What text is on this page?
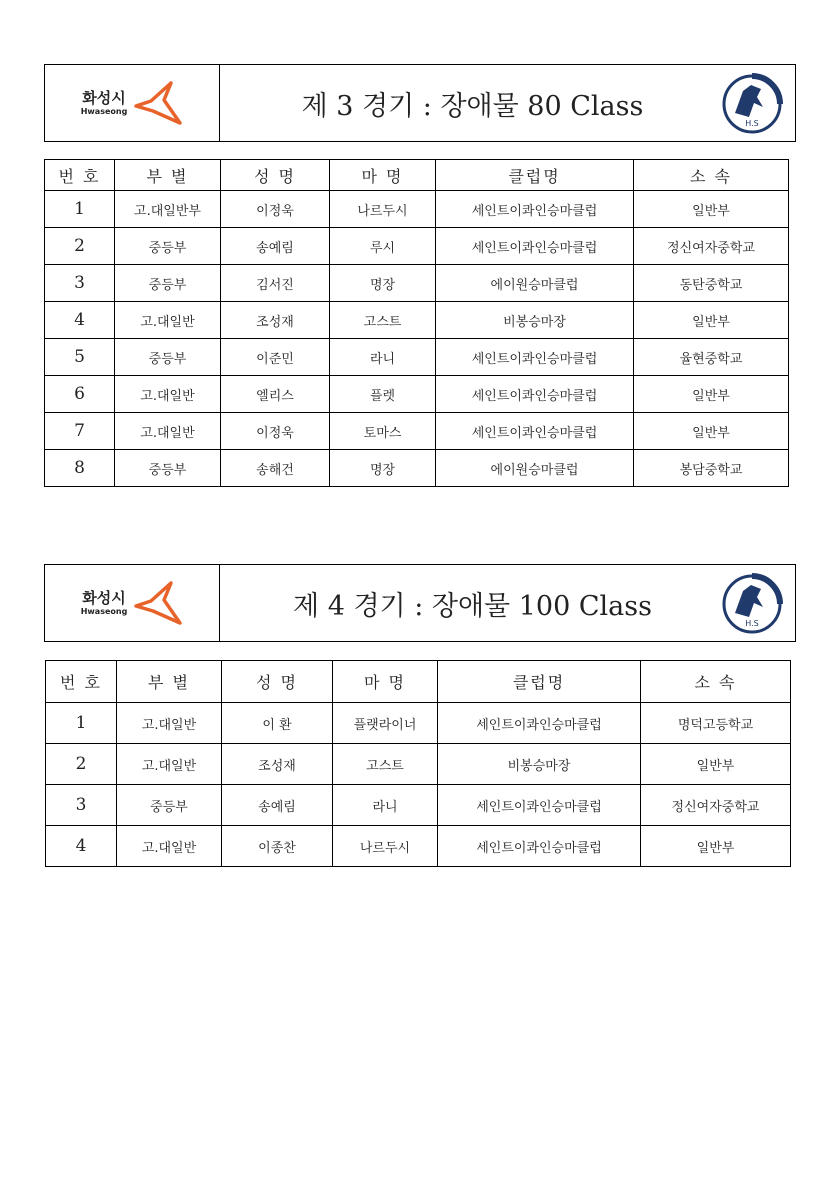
화성시
Hwaseong	제 3 경기 : 장애물 80 Class
H.S
번 호	부 별	성 명	마 명	클럽명	소 속
1	고.대일반부	이정욱	나르두시	세인트이콰인승마클럽	일반부
2	중등부	송예림	루시	세인트이콰인승마클럽	정신여자중학교
3	중등부	김서진	명장	에이원승마클럽	동탄중학교
4	고.대일반	조성재	고스트	비봉승마장	일반부
5	중등부	이준민	라니	세인트이콰인승마클럽	율현중학교
6	고.대일반	엘리스	플렛	세인트이콰인승마클럽	일반부
7	고.대일반	이정욱	토마스	세인트이콰인승마클럽	일반부
8	중등부	송해건	명장	에이원승마클럽	봉담중학교
화성시
Hwaseong	제 4 경기 : 장애물 100 Class
H.S
번 호	부 별	성 명	마 명	클럽명	소 속
1	고.대일반	이 환	플랫라이너	세인트이콰인승마클럽	명덕고등학교
2	고.대일반	조성재	고스트	비봉승마장	일반부
3	중등부	송예림	라니	세인트이콰인승마클럽	정신여자중학교
4	고.대일반	이종찬	나르두시	세인트이콰인승마클럽	일반부
